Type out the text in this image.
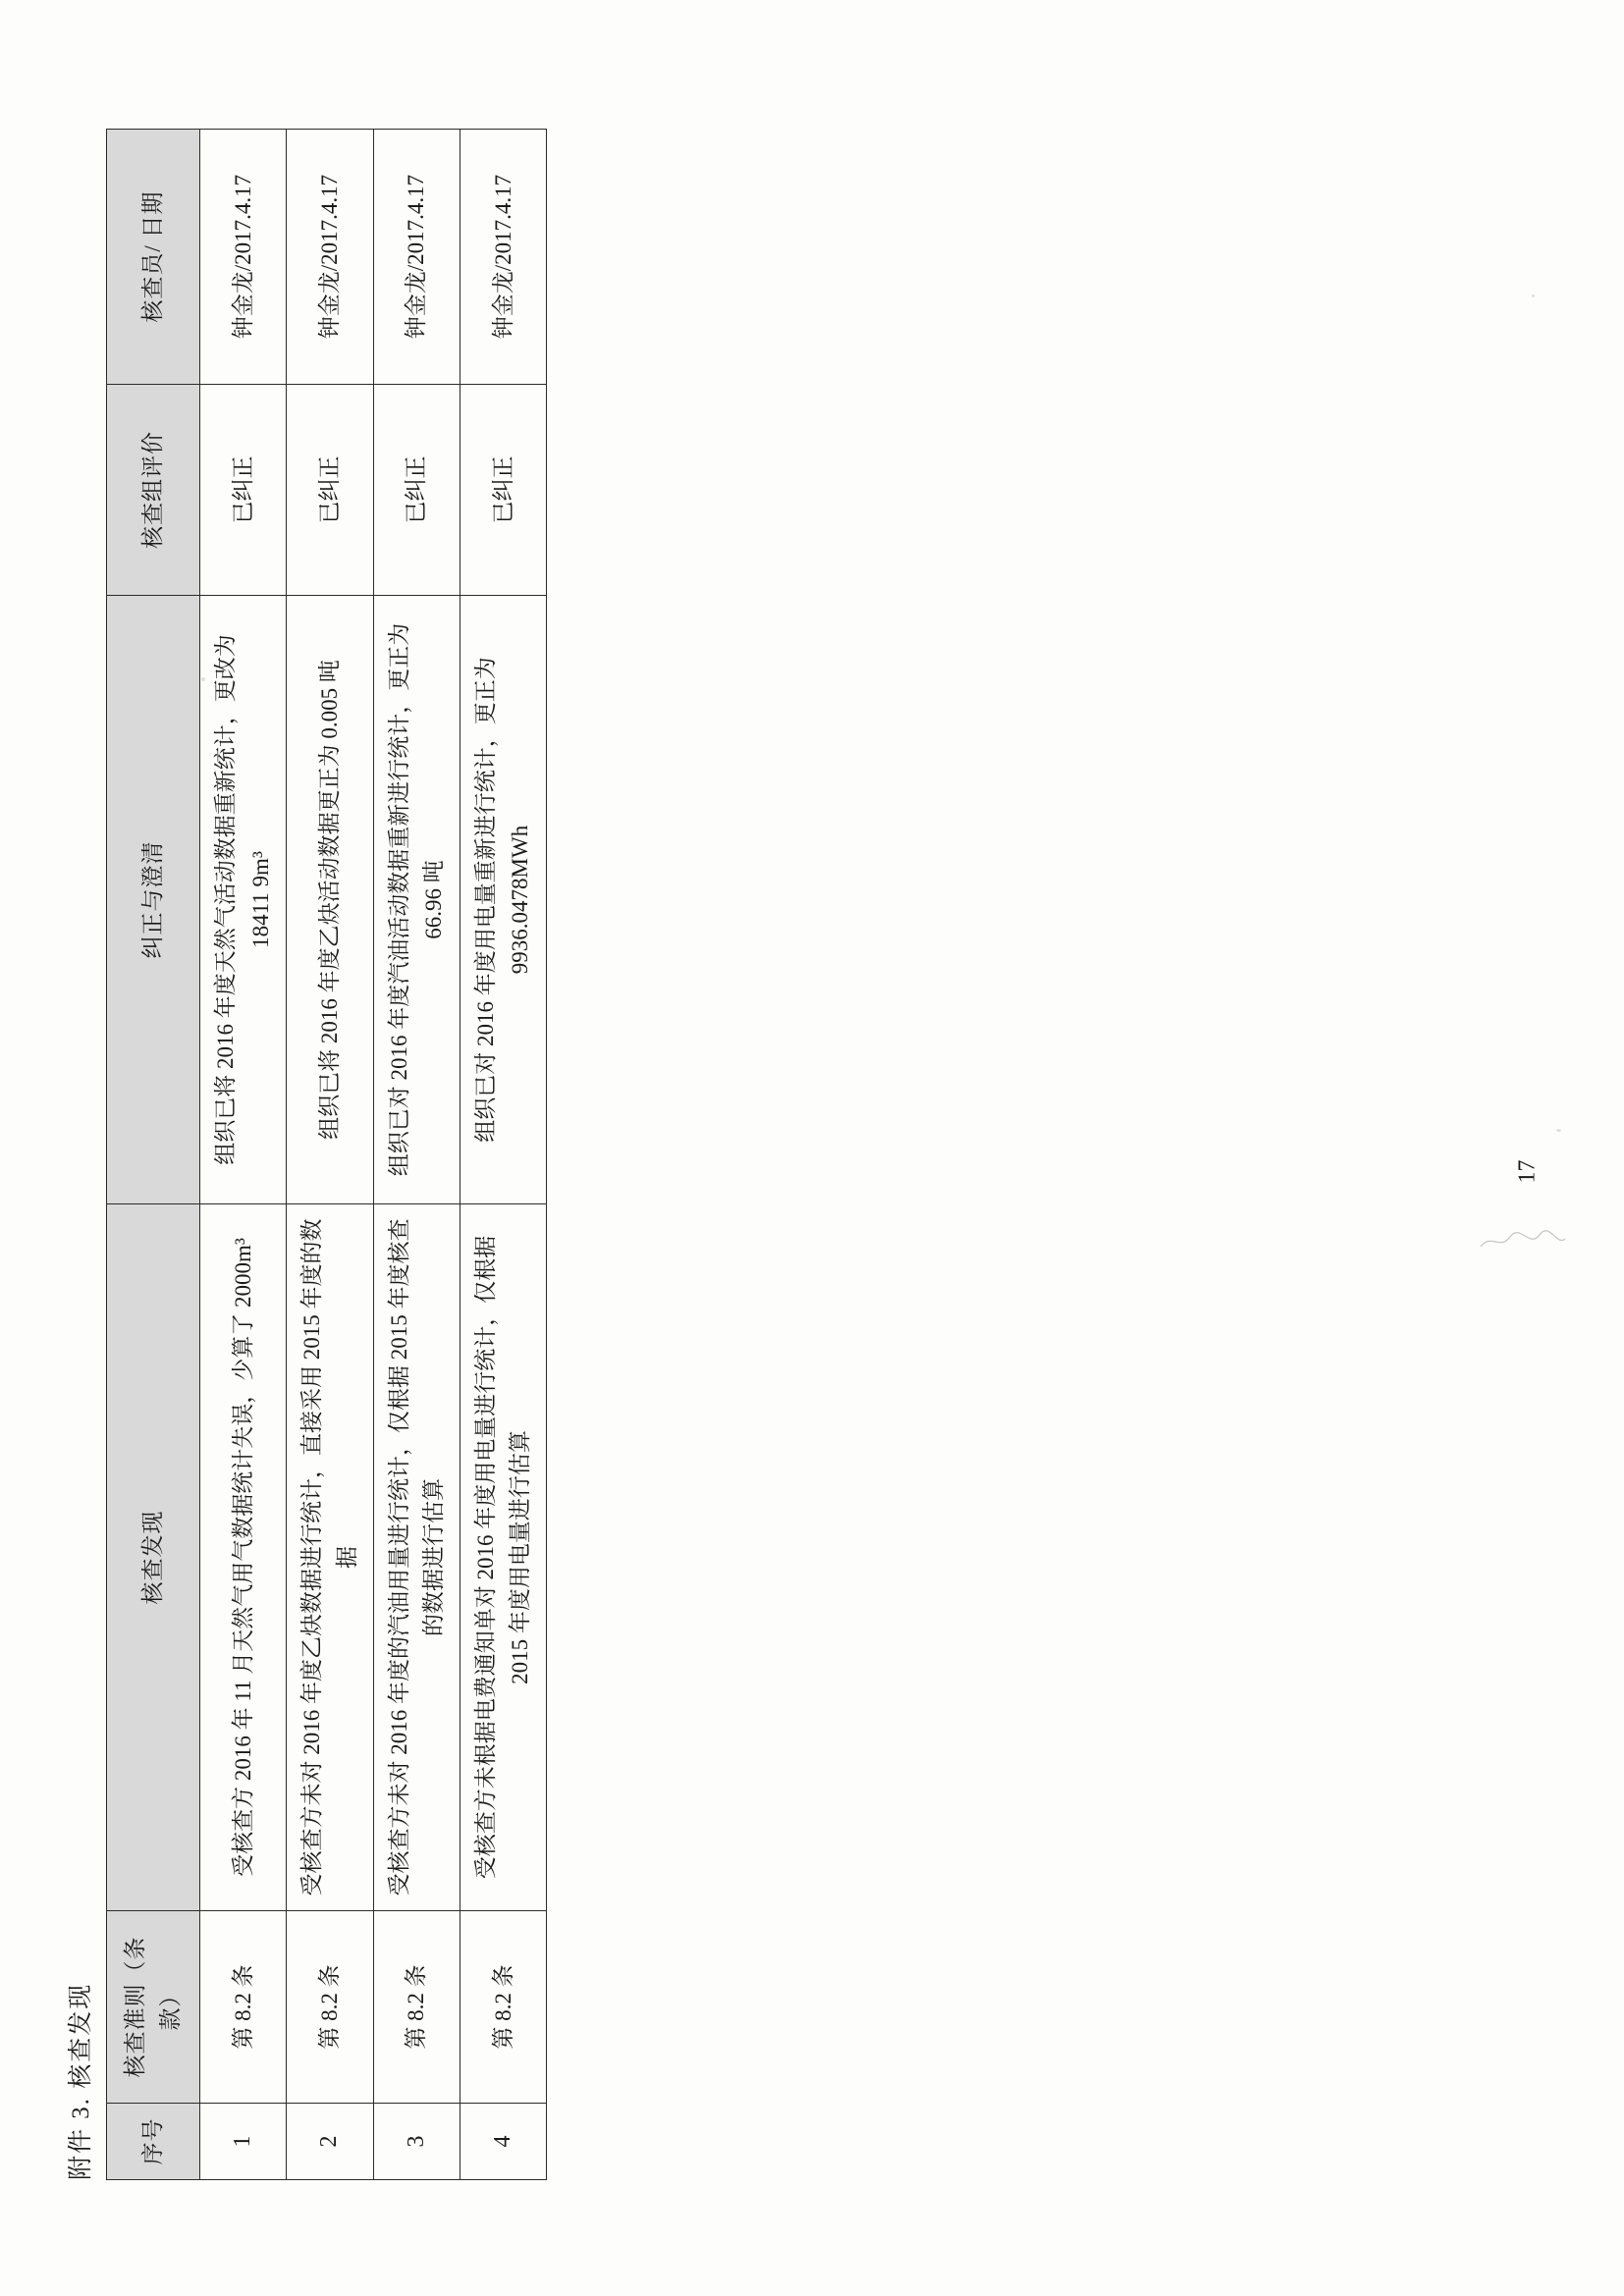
附件 3. 核查发现 序号	核查准则（条款）	核查发现	纠正与澄清	核查组评价	核查员/ 日期
1	第 8.2 条	受核查方 2016 年 11 月天然气用气数据统计失误，少算了 2000m³	组织已将 2016 年度天然气活动数据重新统计，更改为 18411 9m³	已纠正	钟金龙/2017.4.17
2	第 8.2 条	受核查方未对 2016 年度乙炔数据进行统计，直接采用 2015 年度的数据	组织已将 2016 年度乙炔活动数据更正为 0.005 吨	已纠正	钟金龙/2017.4.17
3	第 8.2 条	受核查方未对 2016 年度的汽油用量进行统计，仅根据 2015 年度核查的数据进行估算	组织已对 2016 年度汽油活动数据重新进行统计，更正为 66.96 吨	已纠正	钟金龙/2017.4.17
4	第 8.2 条	受核查方未根据电费通知单对 2016 年度用电量进行统计，仅根据 2015 年度用电量进行估算	组织已对 2016 年度用电量重新进行统计，更正为 9936.0478MWh	已纠正	钟金龙/2017.4.17
17
